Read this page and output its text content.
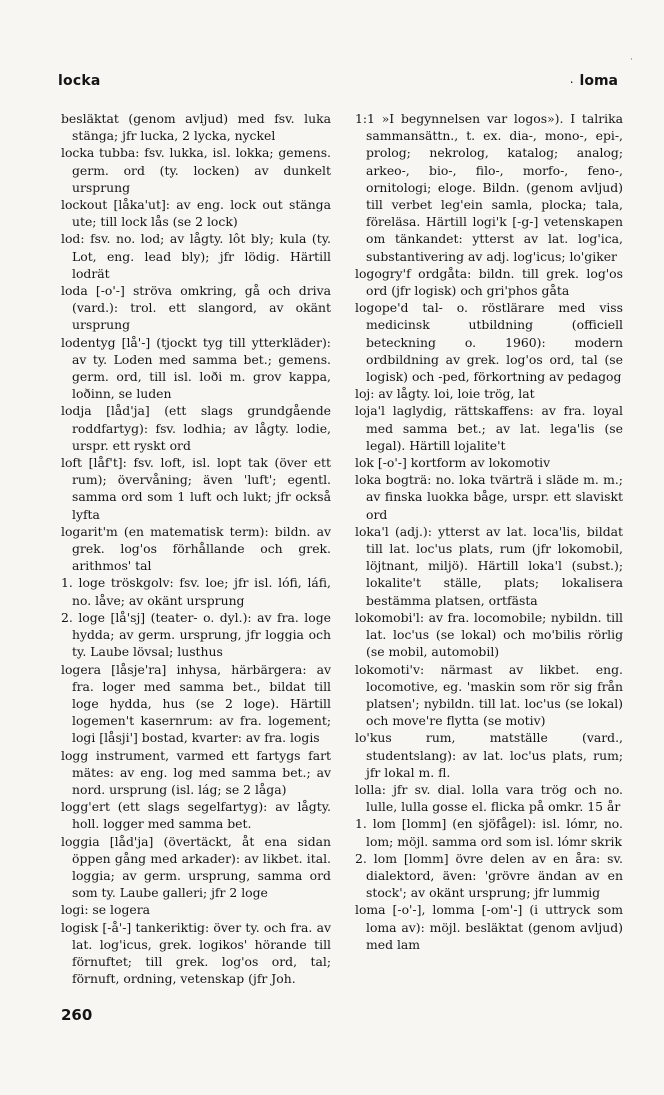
˙
locka
.	loma

besläktat (genom avljud) med fsv. luka stänga; jfr lucka, 2 lycka, nyckel

locka tubba: fsv. lukka, isl. lokka; gemens. germ. ord (ty. locken) av dunkelt ursprung

lockout [låka'ut]: av eng. lock out stänga ute; till lock lås (se 2 lock)

lod: fsv. no. lod; av lågty. lôt bly; kula (ty. Lot, eng. lead bly); jfr lödig. Härtill lodrät

loda [-o'-] ströva omkring, gå och driva (vard.): trol. ett slangord, av okänt ursprung

lodentyg [lå'-] (tjockt tyg till ytterkläder): av ty. Loden med samma bet.; gemens. germ. ord, till isl. loði m. grov kappa, loðinn, se luden

lodja [låd'ja] (ett slags grundgående roddfartyg): fsv. lodhia; av lågty. lodie, urspr. ett ryskt ord

loft [låf't]: fsv. loft, isl. lopt tak (över ett rum); övervåning; även 'luft'; egentl. samma ord som 1 luft och lukt; jfr också lyfta

logarit'm (en matematisk term): bildn. av grek. log'os förhållande och grek. arithmos' tal

1. loge tröskgolv: fsv. loe; jfr isl. lófi, láfi, no. låve; av okänt ursprung

2. loge [lå'sj] (teater- o. dyl.): av fra. loge hydda; av germ. ursprung, jfr loggia och ty. Laube lövsal; lusthus

logera [låsje'ra] inhysa, härbärgera: av fra. loger med samma bet., bildat till loge hydda, hus (se 2 loge). Härtill logemen't kasernrum: av fra. logement; logi [låsji'] bostad, kvarter: av fra. logis

logg instrument, varmed ett fartygs fart mätes: av eng. log med samma bet.; av nord. ursprung (isl. lág; se 2 låga)

logg'ert (ett slags segelfartyg): av lågty. holl. logger med samma bet.

loggia [låd'ja] (övertäckt, åt ena sidan öppen gång med arkader): av likbet. ital. loggia; av germ. ursprung, samma ord som ty. Laube galleri; jfr 2 loge

logi: se logera

logisk [-å'-] tankeriktig: över ty. och fra. av lat. log'icus, grek. logikos' hörande till förnuftet; till grek. log'os ord, tal; förnuft, ordning, vetenskap (jfr Joh.

1:1 »I begynnelsen var logos»). I talrika sammansättn., t. ex. dia-, mono-, epi-, prolog; nekrolog, katalog; analog; arkeo-, bio-, filo-, morfo-, feno-, ornitologi; eloge. Bildn. (genom avljud) till verbet leg'ein samla, plocka; tala, föreläsa. Härtill logi'k [-g-] vetenskapen om tänkandet: ytterst av lat. log'ica, substantivering av adj. log'icus; lo'giker

logogry'f ordgåta: bildn. till grek. log'os ord (jfr logisk) och gri'phos gåta

logope'd tal- o. röstlärare med viss medicinsk utbildning (officiell beteckning o. 1960): modern ordbildning av grek. log'os ord, tal (se logisk) och -ped, förkortning av pedagog

loj: av lågty. loi, loie trög, lat

loja'l laglydig, rättskaffens: av fra. loyal med samma bet.; av lat. lega'lis (se legal). Härtill lojalite't

lok [-o'-] kortform av lokomotiv

loka bogträ: no. loka tvärträ i släde m. m.; av finska luokka båge, urspr. ett slaviskt ord

loka'l (adj.): ytterst av lat. loca'lis, bildat till lat. loc'us plats, rum (jfr lokomobil, löjtnant, miljö). Härtill loka'l (subst.); lokalite't ställe, plats; lokalisera bestämma platsen, ortfästa

lokomobi'l: av fra. locomobile; nybildn. till lat. loc'us (se lokal) och mo'bilis rörlig (se mobil, automobil)

lokomoti'v: närmast av likbet. eng. locomotive, eg. 'maskin som rör sig från platsen'; nybildn. till lat. loc'us (se lokal) och move're flytta (se motiv)

lo'kus rum, matställe (vard., studentslang): av lat. loc'us plats, rum; jfr lokal m. fl.

lolla: jfr sv. dial. lolla vara trög och no. lulle, lulla gosse el. flicka på omkr. 15 år

1. lom [lomm] (en sjöfågel): isl. lómr, no. lom; möjl. samma ord som isl. lómr skrik

2. lom [lomm] övre delen av en åra: sv. dialektord, även: 'grövre ändan av en stock'; av okänt ursprung; jfr lummig

loma [-o'-], lomma [-om'-] (i uttryck som loma av): möjl. besläktat (genom avljud) med lam

260
